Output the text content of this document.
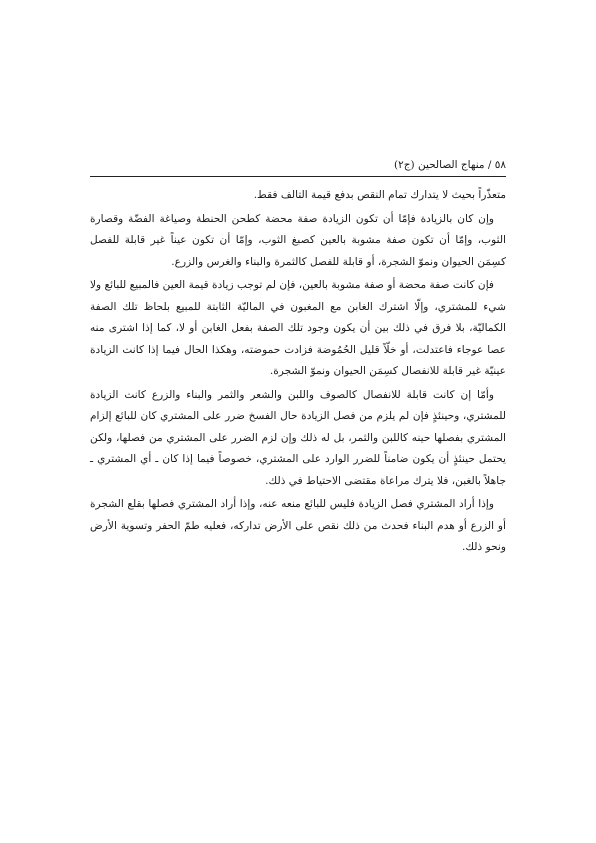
٥٨ / منهاج الصالحين (ج٢)

متعذّراً بحيث لا يتدارك تمام النقص بدفع قيمة التالف فقط.

وإن كان بالزيادة فإمّا أن تكون الزيادة صفة محضة كطحن الحنطة وصياغة الفضّة وقصارة الثوب، وإمّا أن تكون صفة مشوبة بالعين كصبغ الثوب، وإمّا أن تكون عيناً غير قابلة للفصل كسِمَن الحيوان ونموّ الشجرة، أو قابلة للفصل كالثمرة والبناء والغرس والزرع.

فإن كانت صفة محضة أو صفة مشوبة بالعين، فإن لم توجب زيادة قيمة العين فالمبيع للبائع ولا شيء للمشتري، وإلّا اشترك الغابن مع المغبون في الماليّة الثابتة للمبيع بلحاظ تلك الصفة الكماليّة، بلا فرق في ذلك بين أن يكون وجود تلك الصفة بفعل الغابن أو لا، كما إذا اشترى منه عصا عوجاء فاعتدلت، أو خلّاً قليل الحُمُوضة فزادت حموضته، وهكذا الحال فيما إذا كانت الزيادة عينيّة غير قابلة للانفصال كسِمَن الحيوان ونموّ الشجرة.

وأمّا إن كانت قابلة للانفصال كالصوف واللبن والشعر والثمر والبناء والزرع كانت الزيادة للمشتري، وحينئذٍ فإن لم يلزم من فصل الزيادة حال الفسخ ضرر على المشتري كان للبائع إلزام المشتري بفصلها حينه كاللبن والثمر، بل له ذلك وإن لزم الضرر على المشتري من فصلها، ولكن يحتمل حينئذٍ أن يكون ضامناً للضرر الوارد على المشتري، خصوصاً فيما إذا كان ـ أي المشتري ـ جاهلاً بالغبن، فلا يترك مراعاة مقتضى الاحتياط في ذلك.

وإذا أراد المشتري فصل الزيادة فليس للبائع منعه عنه، وإذا أراد المشتري فصلها بقلع الشجرة أو الزرع أو هدم البناء فحدث من ذلك نقص على الأرض تداركه، فعليه طمّ الحفر وتسوية الأرض ونحو ذلك.
